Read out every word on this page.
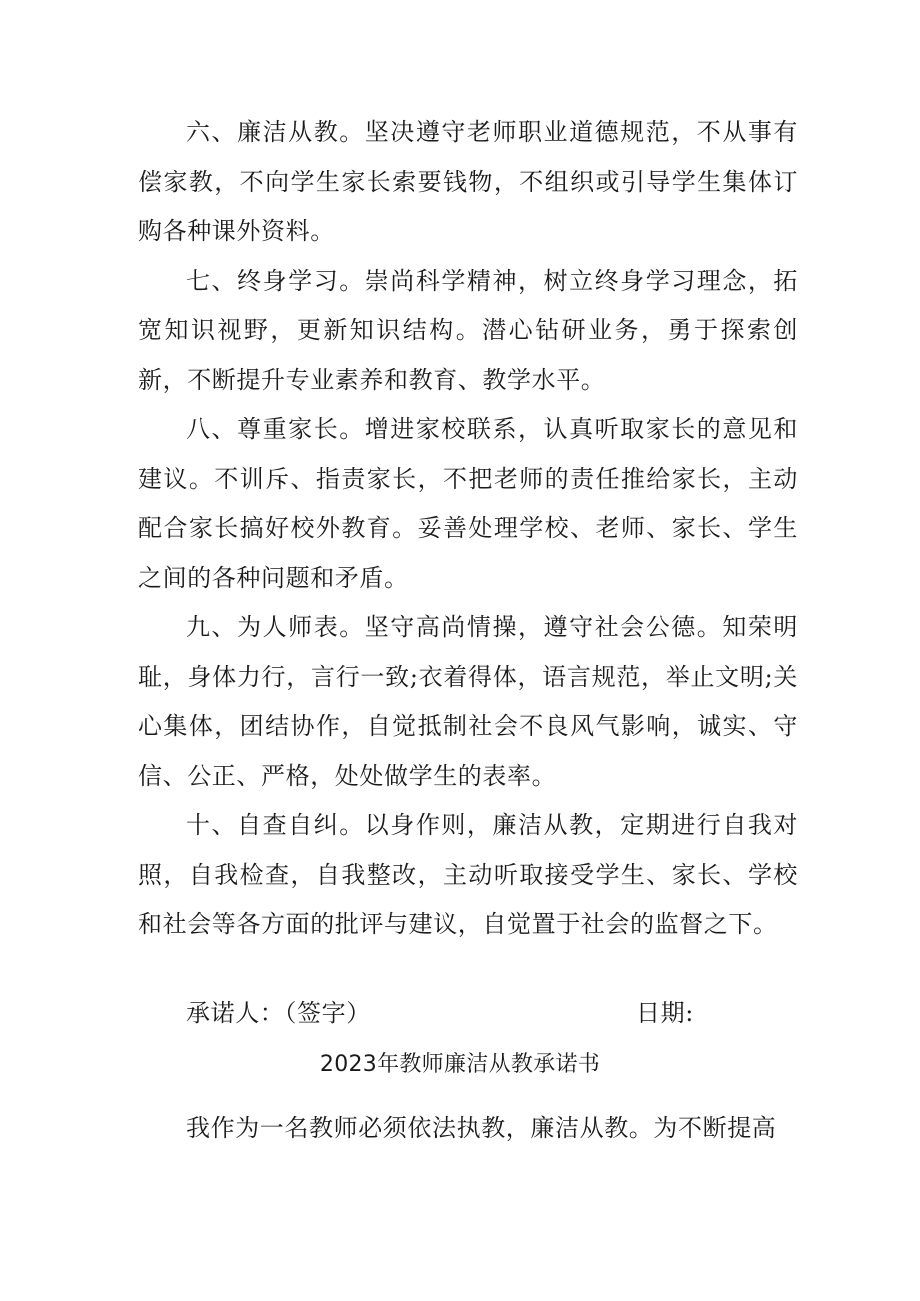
六、廉洁从教。坚决遵守老师职业道德规范，不从事有偿家教，不向学生家长索要钱物，不组织或引导学生集体订购各种课外资料。

七、终身学习。崇尚科学精神，树立终身学习理念，拓宽知识视野，更新知识结构。潜心钻研业务，勇于探索创新，不断提升专业素养和教育、教学水平。

八、尊重家长。增进家校联系，认真听取家长的意见和建议。不训斥、指责家长，不把老师的责任推给家长，主动配合家长搞好校外教育。妥善处理学校、老师、家长、学生之间的各种问题和矛盾。

九、为人师表。坚守高尚情操，遵守社会公德。知荣明耻，身体力行，言行一致;衣着得体，语言规范，举止文明;关心集体，团结协作，自觉抵制社会不良风气影响，诚实、守信、公正、严格，处处做学生的表率。

十、自查自纠。以身作则，廉洁从教，定期进行自我对照，自我检查，自我整改，主动听取接受学生、家长、学校和社会等各方面的批评与建议，自觉置于社会的监督之下。

承诺人：（签字）	日期:
2023年教师廉洁从教承诺书

我作为一名教师必须依法执教，廉洁从教。为不断提高
